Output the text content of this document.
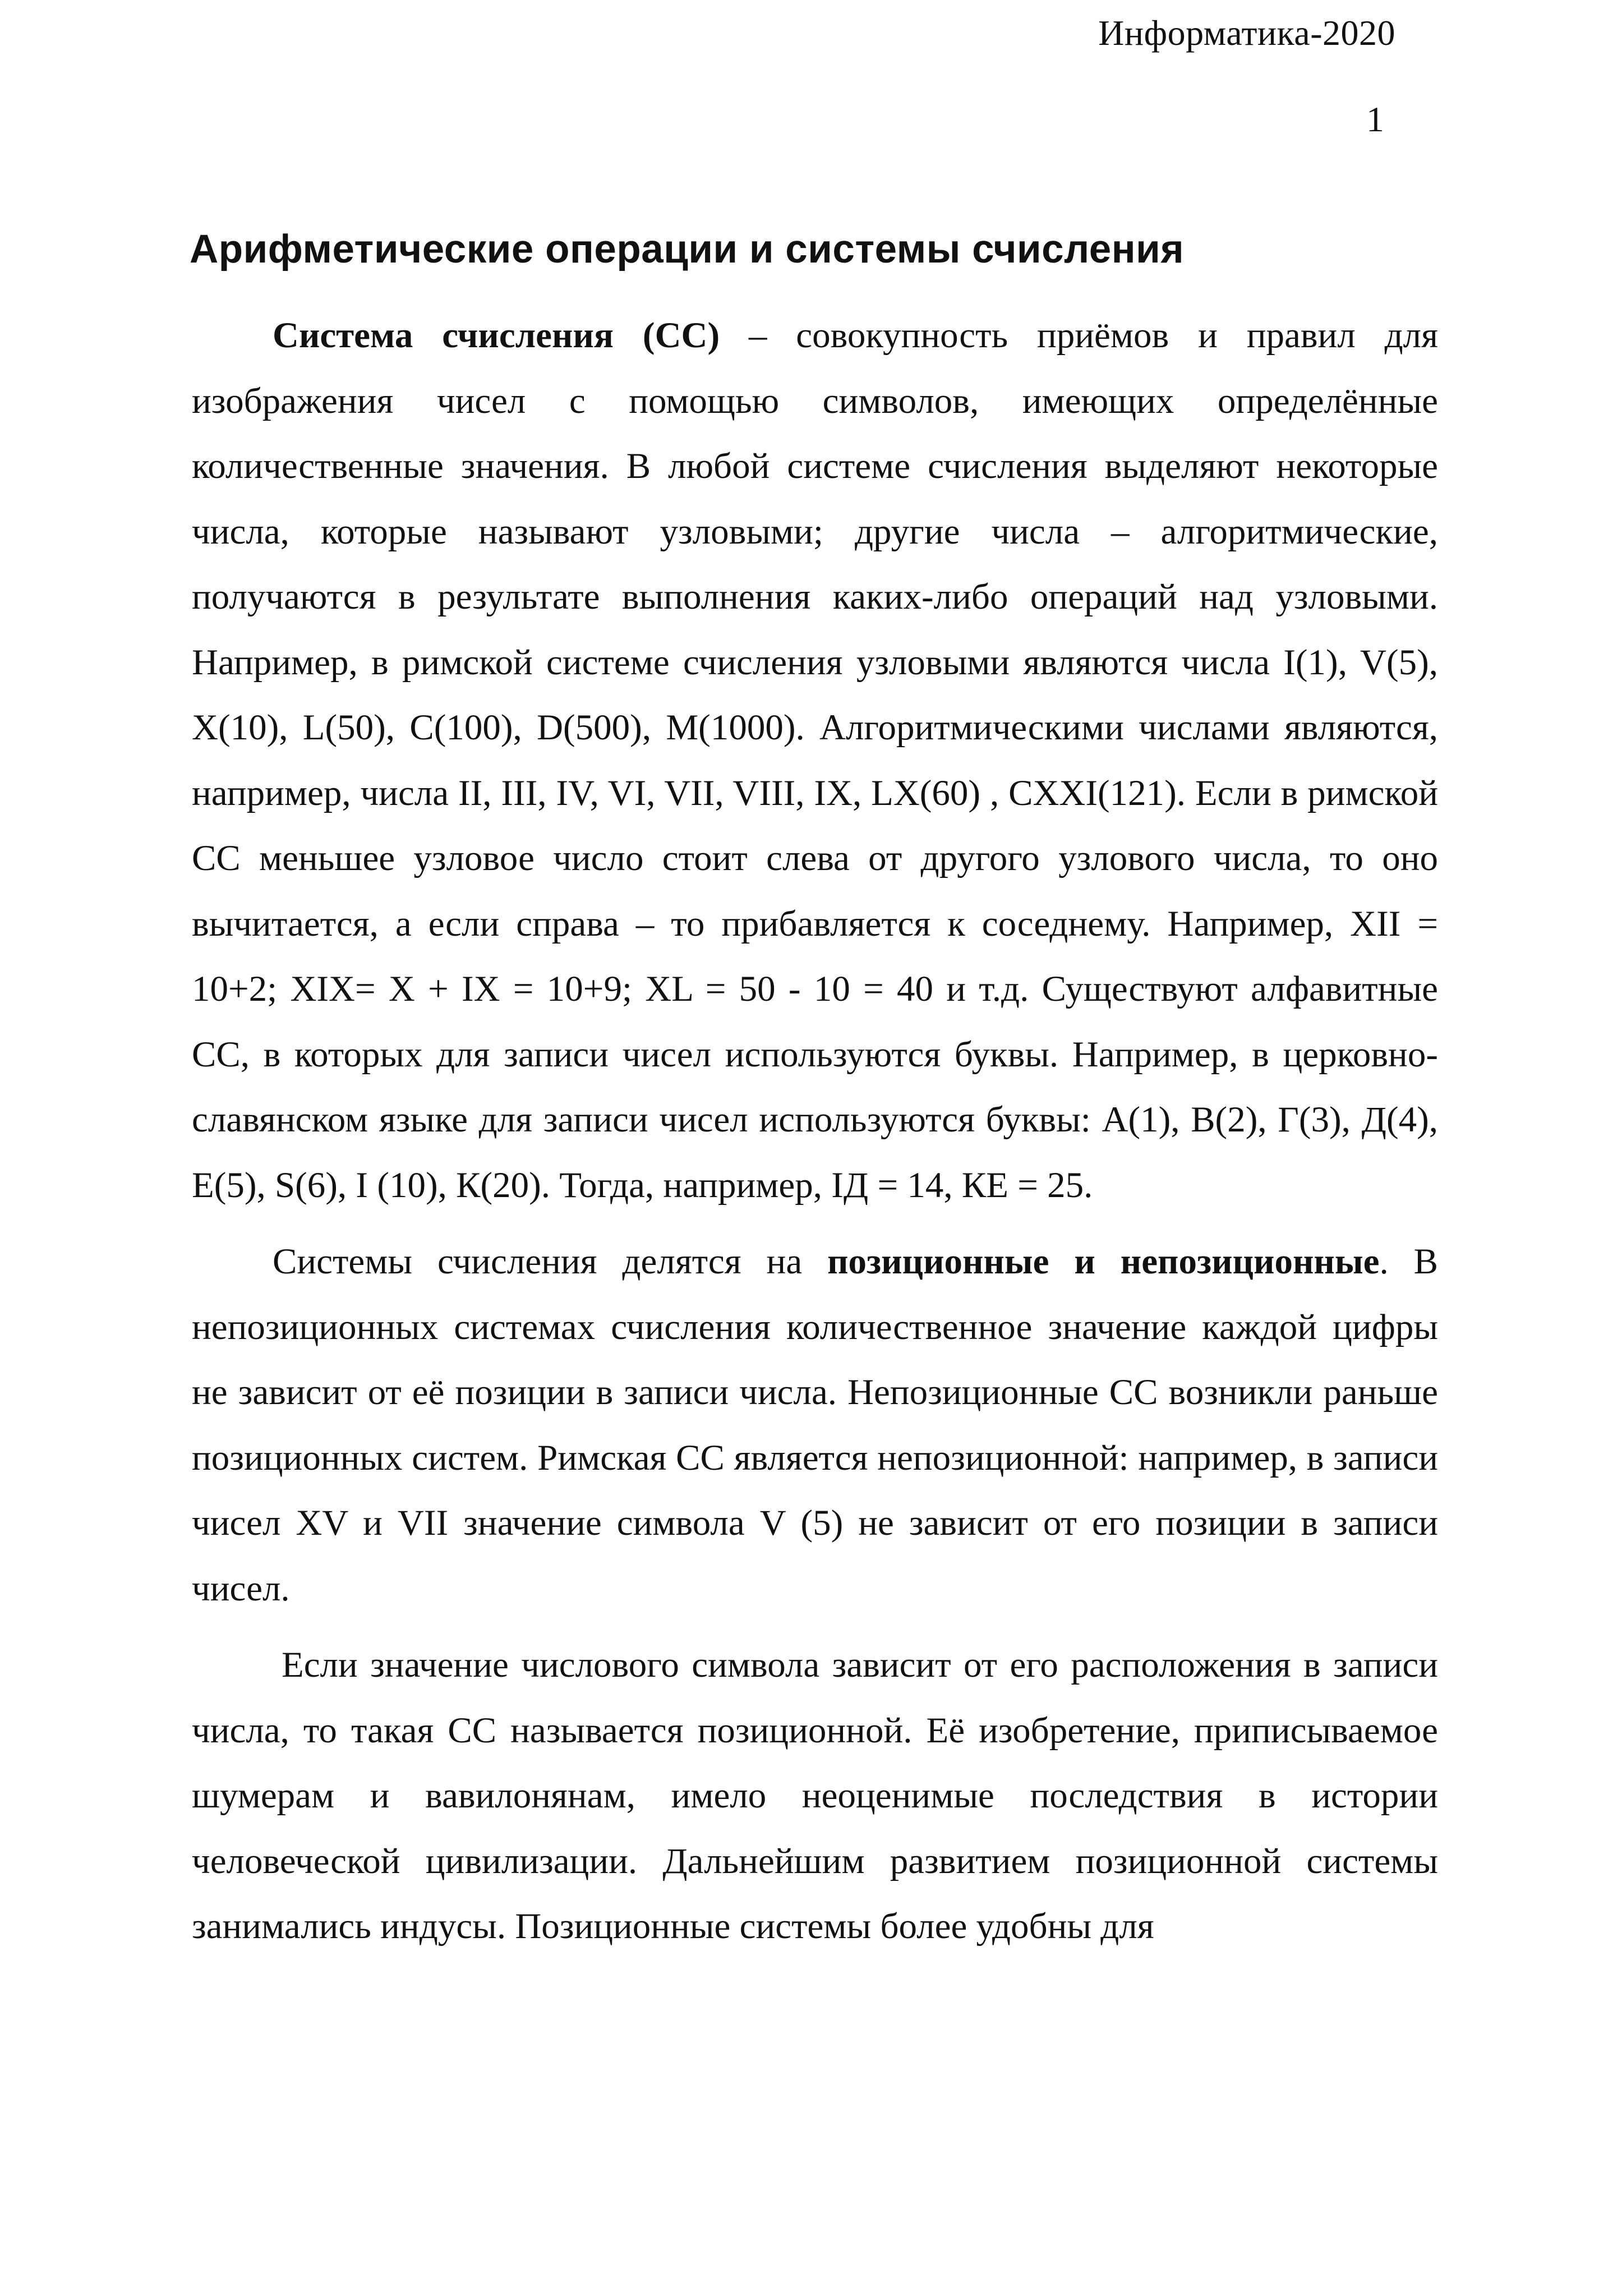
Информатика-2020
1
Арифметические операции и системы счисления

Система счисления (СС) – совокупность приёмов и правил для изображения чисел с помощью символов, имеющих определённые количественные значения. В любой системе счисления выделяют некоторые числа, которые называют узловыми; другие числа – алгоритмические, получаются в результате выполнения каких-либо операций над узловыми. Например, в римской системе счисления узловыми являются числа I(1), V(5), X(10), L(50), C(100), D(500), M(1000). Алгоритмическими числами являются, например, числа II, III, IV, VI, VII, VIII, IX, LX(60) , CXXI(121). Если в римской СС меньшее узловое число стоит слева от другого узлового числа, то оно вычитается, а если справа – то прибавляется к соседнему. Например, XII = 10+2; XIX= X + IX = 10+9; XL = 50 - 10 = 40 и т.д. Существуют алфавитные СС, в которых для записи чисел используются буквы. Например, в церковно-славянском языке для записи чисел используются буквы: А(1), В(2), Г(3), Д(4), Е(5), S(6), I (10), К(20). Тогда, например, IД = 14, КЕ = 25.

Системы счисления делятся на позиционные и непозиционные. В непозиционных системах счисления количественное значение каждой цифры не зависит от её позиции в записи числа. Непозиционные СС возникли раньше позиционных систем. Римская СС является непозиционной: например, в записи чисел XV и VII значение символа V (5) не зависит от его позиции в записи чисел.

Если значение числового символа зависит от его расположения в записи числа, то такая СС называется позиционной. Её изобретение, приписываемое шумерам и вавилонянам, имело неоценимые последствия в истории человеческой цивилизации. Дальнейшим развитием позиционной системы занимались индусы. Позиционные системы более удобны для
